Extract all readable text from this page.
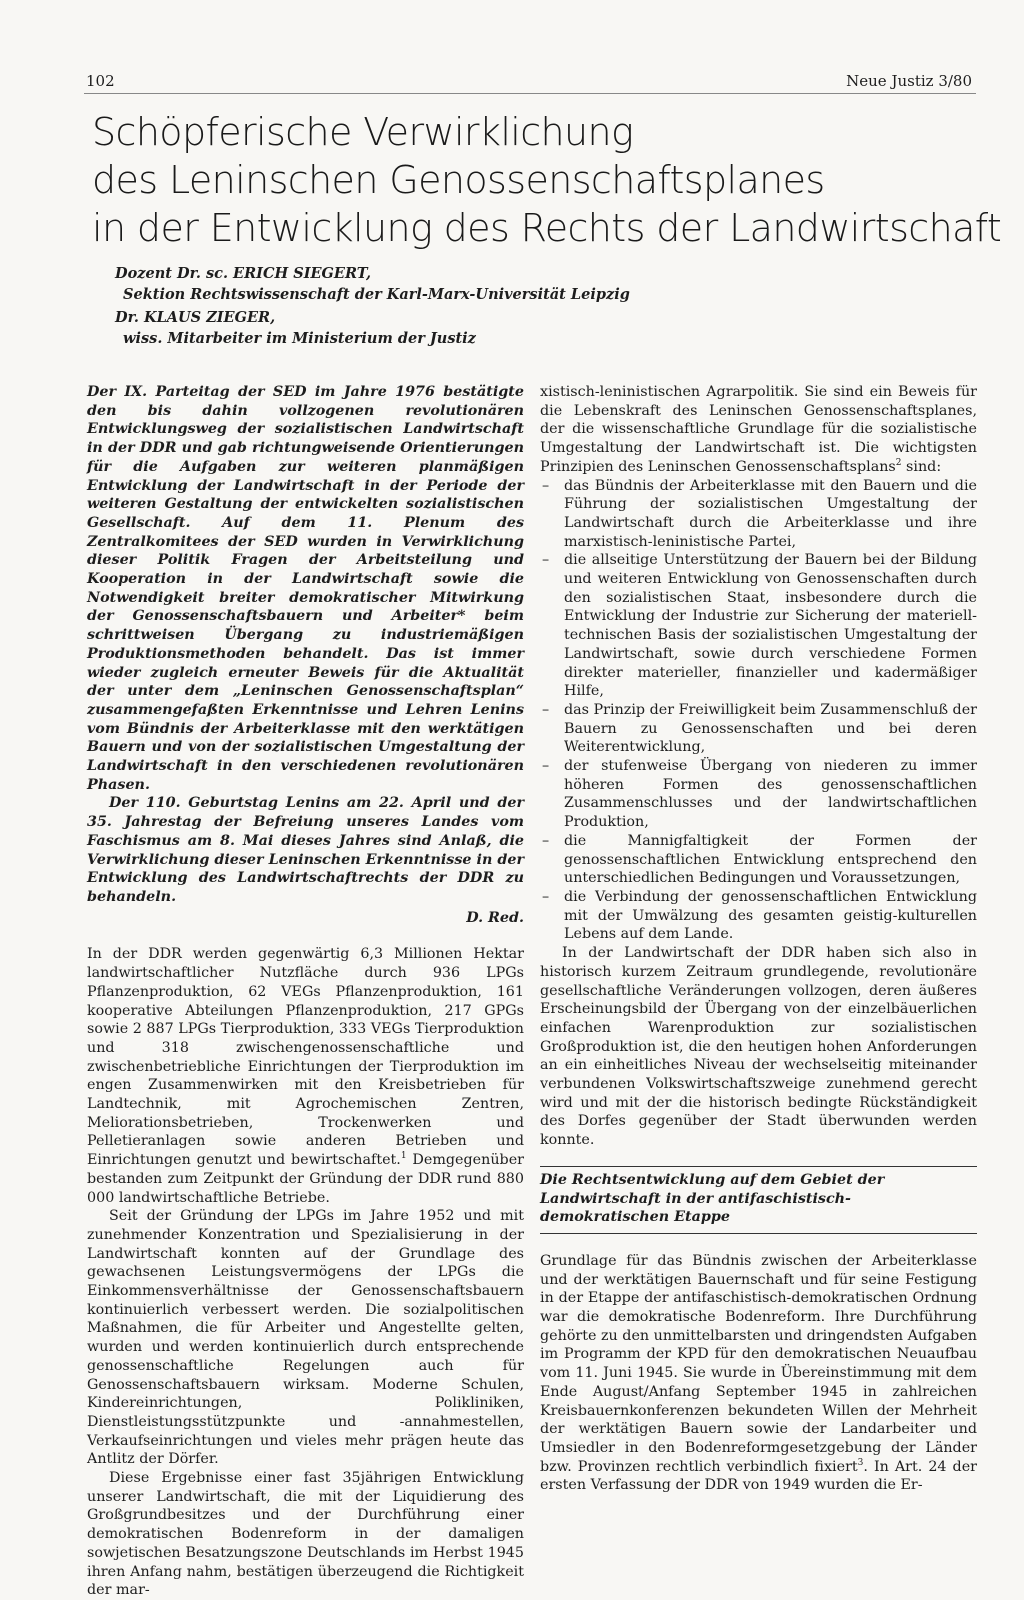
102	Neue Justiz 3/80
Schöpferische Verwirklichung
des Leninschen Genossenschaftsplanes
in der Entwicklung des Rechts der Landwirtschaft
Dozent Dr. sc. ERICH SIEGERT,
Sektion Rechtswissenschaft der Karl-Marx-Universität Leipzig
Dr. KLAUS ZIEGER,
wiss. Mitarbeiter im Ministerium der Justiz

Der IX. Parteitag der SED im Jahre 1976 bestätigte den bis dahin vollzogenen revolutionären Entwicklungsweg der sozialistischen Landwirtschaft in der DDR und gab richtungweisende Orientierungen für die Aufgaben zur weiteren planmäßigen Entwicklung der Landwirtschaft in der Periode der weiteren Gestaltung der entwickelten sozialistischen Gesellschaft. Auf dem 11. Plenum des Zentralkomitees der SED wurden in Verwirklichung dieser Politik Fragen der Arbeitsteilung und Kooperation in der Landwirtschaft sowie die Notwendigkeit breiter demokratischer Mitwirkung der Genossenschaftsbauern und Arbeiter* beim schrittweisen Übergang zu industriemäßigen Produktionsmethoden behandelt. Das ist immer wieder zugleich erneuter Beweis für die Aktualität der unter dem „Leninschen Genossenschaftsplan“ zusammengefaßten Erkenntnisse und Lehren Lenins vom Bündnis der Arbeiterklasse mit den werktätigen Bauern und von der sozialistischen Umgestaltung der Landwirtschaft in den verschiedenen revolutionären Phasen.

Der 110. Geburtstag Lenins am 22. April und der 35. Jahrestag der Befreiung unseres Landes vom Faschismus am 8. Mai dieses Jahres sind Anlaß, die Verwirklichung dieser Leninschen Erkenntnisse in der Entwicklung des Landwirtschaftrechts der DDR zu behandeln.

D. Red.

In der DDR werden gegenwärtig 6,3 Millionen Hektar landwirtschaftlicher Nutzfläche durch 936 LPGs Pflanzenproduktion, 62 VEGs Pflanzenproduktion, 161 kooperative Abteilungen Pflanzenproduktion, 217 GPGs sowie 2 887 LPGs Tierproduktion, 333 VEGs Tierproduktion und 318 zwischengenossenschaftliche und zwischenbetriebliche Einrichtungen der Tierproduktion im engen Zusammenwirken mit den Kreisbetrieben für Landtechnik, mit Agrochemischen Zentren, Meliorationsbetrieben, Trockenwerken und Pelletieranlagen sowie anderen Betrieben und Einrichtungen genutzt und bewirtschaftet.$^1$ Demgegenüber bestanden zum Zeitpunkt der Gründung der DDR rund 880 000 landwirtschaftliche Betriebe.

Seit der Gründung der LPGs im Jahre 1952 und mit zunehmender Konzentration und Spezialisierung in der Landwirtschaft konnten auf der Grundlage des gewachsenen Leistungsvermögens der LPGs die Einkommensverhältnisse der Genossenschaftsbauern kontinuierlich verbessert werden. Die sozialpolitischen Maßnahmen, die für Arbeiter und Angestellte gelten, wurden und werden kontinuierlich durch entsprechende genossenschaftliche Regelungen auch für Genossenschaftsbauern wirksam. Moderne Schulen, Kindereinrichtungen, Polikliniken, Dienstleistungsstützpunkte und -annahmestellen, Verkaufseinrichtungen und vieles mehr prägen heute das Antlitz der Dörfer.

Diese Ergebnisse einer fast 35jährigen Entwicklung unserer Landwirtschaft, die mit der Liquidierung des Großgrundbesitzes und der Durchführung einer demokratischen Bodenreform in der damaligen sowjetischen Besatzungszone Deutschlands im Herbst 1945 ihren Anfang nahm, bestätigen überzeugend die Richtigkeit der mar-

xistisch-leninistischen Agrarpolitik. Sie sind ein Beweis für die Lebenskraft des Leninschen Genossenschaftsplanes, der die wissenschaftliche Grundlage für die sozialistische Umgestaltung der Landwirtschaft ist. Die wichtigsten Prinzipien des Leninschen Genossenschaftsplans$^2$ sind:

– das Bündnis der Arbeiterklasse mit den Bauern und die Führung der sozialistischen Umgestaltung der Landwirtschaft durch die Arbeiterklasse und ihre marxistisch-leninistische Partei,
– die allseitige Unterstützung der Bauern bei der Bildung und weiteren Entwicklung von Genossenschaften durch den sozialistischen Staat, insbesondere durch die Entwicklung der Industrie zur Sicherung der materiell-technischen Basis der sozialistischen Umgestaltung der Landwirtschaft, sowie durch verschiedene Formen direkter materieller, finanzieller und kadermäßiger Hilfe,
– das Prinzip der Freiwilligkeit beim Zusammenschluß der Bauern zu Genossenschaften und bei deren Weiterentwicklung,
– der stufenweise Übergang von niederen zu immer höheren Formen des genossenschaftlichen Zusammenschlusses und der landwirtschaftlichen Produktion,
– die Mannigfaltigkeit der Formen der genossenschaftlichen Entwicklung entsprechend den unterschiedlichen Bedingungen und Voraussetzungen,
– die Verbindung der genossenschaftlichen Entwicklung mit der Umwälzung des gesamten geistig-kulturellen Lebens auf dem Lande.

In der Landwirtschaft der DDR haben sich also in historisch kurzem Zeitraum grundlegende, revolutionäre gesellschaftliche Veränderungen vollzogen, deren äußeres Erscheinungsbild der Übergang von der einzelbäuerlichen einfachen Warenproduktion zur sozialistischen Großproduktion ist, die den heutigen hohen Anforderungen an ein einheitliches Niveau der wechselseitig miteinander verbundenen Volkswirtschaftszweige zunehmend gerecht wird und mit der die historisch bedingte Rückständigkeit des Dorfes gegenüber der Stadt überwunden werden konnte.

Die Rechtsentwicklung auf dem Gebiet der Landwirtschaft in der antifaschistisch-demokratischen Etappe

Grundlage für das Bündnis zwischen der Arbeiterklasse und der werktätigen Bauernschaft und für seine Festigung in der Etappe der antifaschistisch-demokratischen Ordnung war die demokratische Bodenreform. Ihre Durchführung gehörte zu den unmittelbarsten und dringendsten Aufgaben im Programm der KPD für den demokratischen Neuaufbau vom 11. Juni 1945. Sie wurde in Übereinstimmung mit dem Ende August/Anfang September 1945 in zahlreichen Kreisbauernkonferenzen bekundeten Willen der Mehrheit der werktätigen Bauern sowie der Landarbeiter und Umsiedler in den Bodenreformgesetzgebung der Länder bzw. Provinzen rechtlich verbindlich fixiert$^3$. In Art. 24 der ersten Verfassung der DDR von 1949 wurden die Er-
